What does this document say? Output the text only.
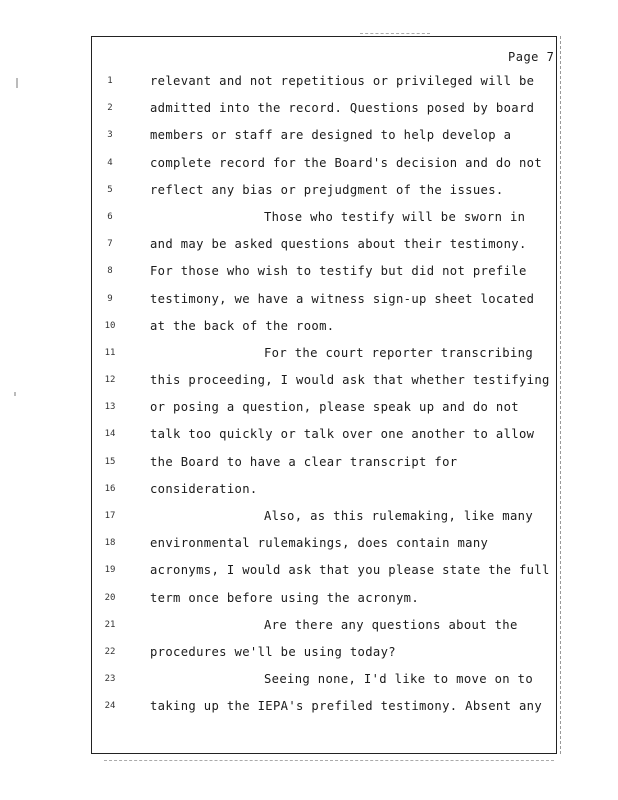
Page 7
1	relevant and not repetitious or privileged will be
2	admitted into the record. Questions posed by board
3	members or staff are designed to help develop a
4	complete record for the Board's decision and do not
5	reflect any bias or prejudgment of the issues.
6	Those who testify will be sworn in
7	and may be asked questions about their testimony.
8	For those who wish to testify but did not prefile
9	testimony, we have a witness sign-up sheet located
10	at the back of the room.
11	For the court reporter transcribing
12	this proceeding, I would ask that whether testifying
13	or posing a question, please speak up and do not
14	talk too quickly or talk over one another to allow
15	the Board to have a clear transcript for
16	consideration.
17	Also, as this rulemaking, like many
18	environmental rulemakings, does contain many
19	acronyms, I would ask that you please state the full
20	term once before using the acronym.
21	Are there any questions about the
22	procedures we'll be using today?
23	Seeing none, I'd like to move on to
24	taking up the IEPA's prefiled testimony. Absent any
